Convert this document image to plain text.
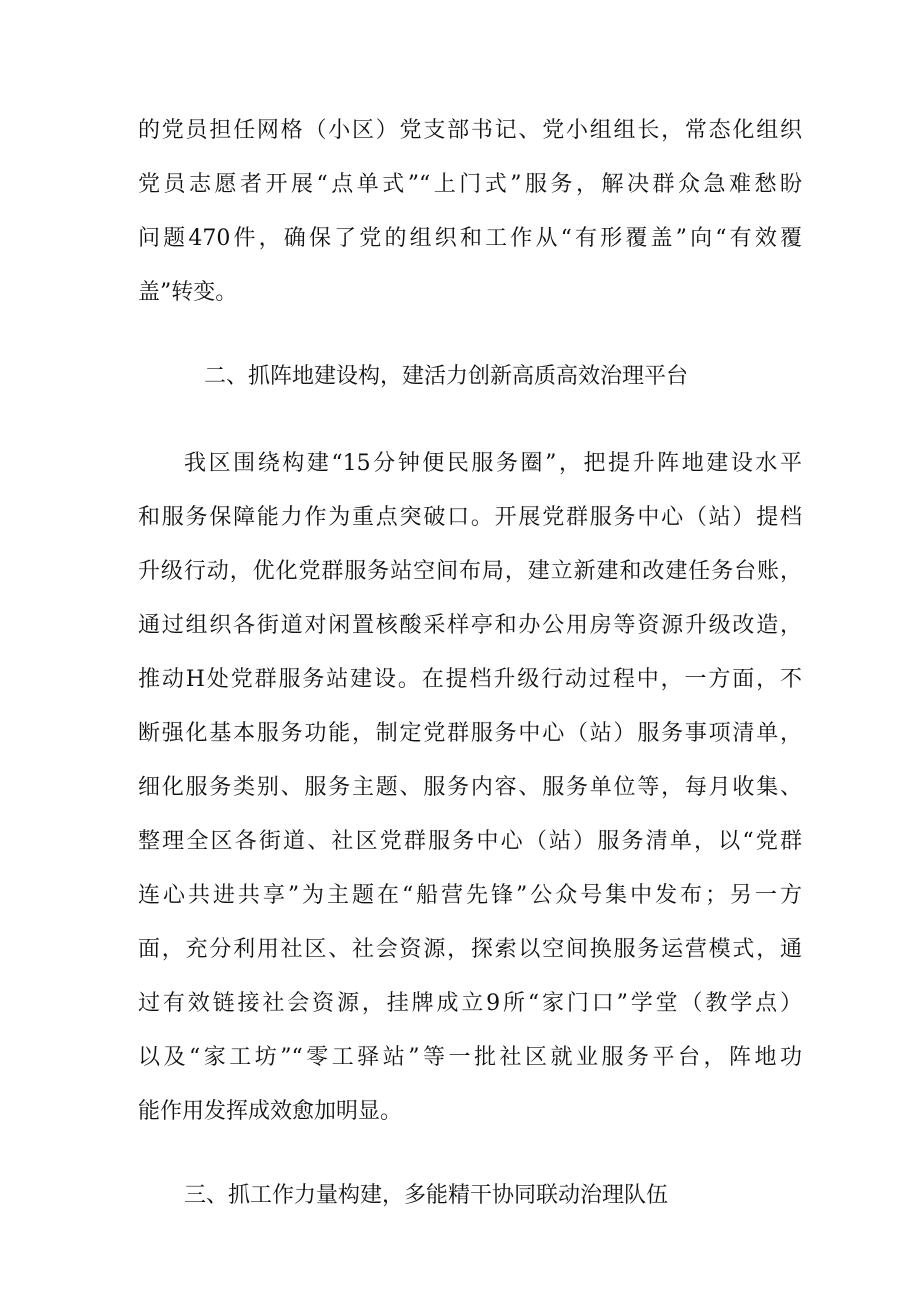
的党员担任网格（小区）党支部书记、党小组组长，常态化组织
党员志愿者开展“点单式”“上门式”服务，解决群众急难愁盼
问题470件，确保了党的组织和工作从“有形覆盖”向“有效覆
盖”转变。
二、抓阵地建设构，建活力创新高质高效治理平台
我区围绕构建“15分钟便民服务圈”，把提升阵地建设水平
和服务保障能力作为重点突破口。开展党群服务中心（站）提档
升级行动，优化党群服务站空间布局，建立新建和改建任务台账，
通过组织各街道对闲置核酸采样亭和办公用房等资源升级改造，
推动H处党群服务站建设。在提档升级行动过程中，一方面，不
断强化基本服务功能，制定党群服务中心（站）服务事项清单，
细化服务类别、服务主题、服务内容、服务单位等，每月收集、
整理全区各街道、社区党群服务中心（站）服务清单，以“党群
连心共进共享”为主题在“船营先锋”公众号集中发布；另一方
面，充分利用社区、社会资源，探索以空间换服务运营模式，通
过有效链接社会资源，挂牌成立9所“家门口”学堂（教学点）
以及“家工坊”“零工驿站”等一批社区就业服务平台，阵地功
能作用发挥成效愈加明显。
三、抓工作力量构建，多能精干协同联动治理队伍
